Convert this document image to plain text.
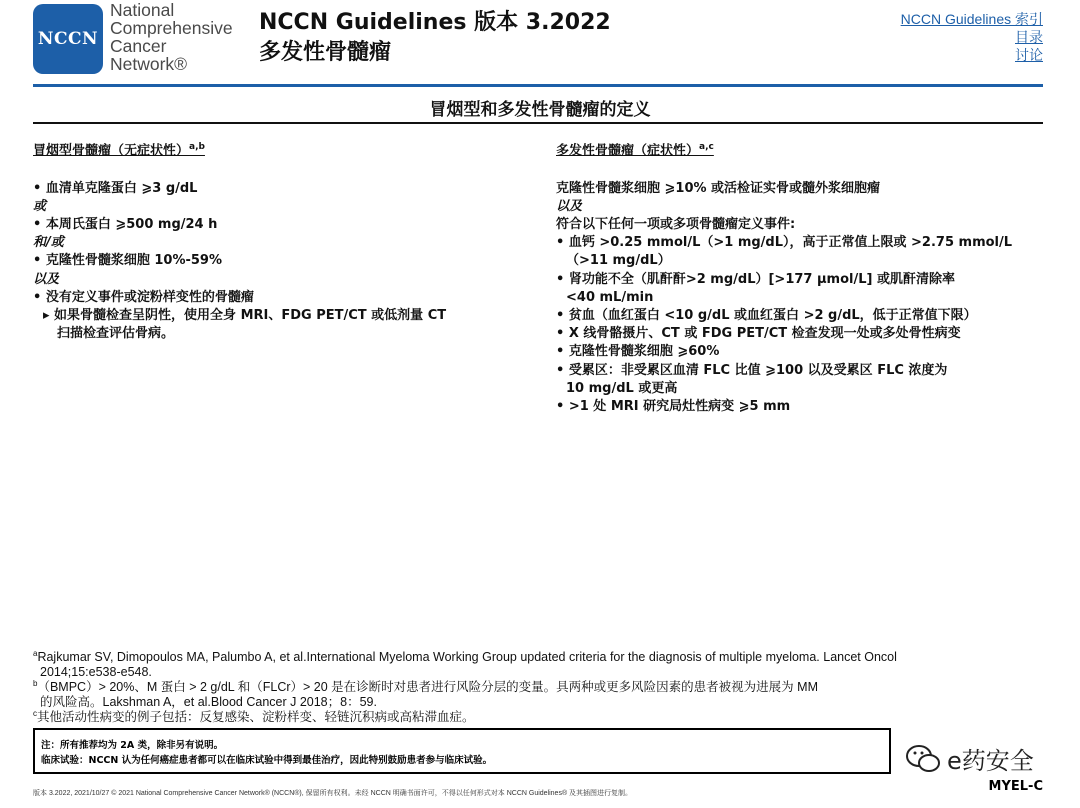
NCCN
National
Comprehensive
Cancer
Network®
NCCN Guidelines 版本 3.2022
多发性骨髓瘤
NCCN Guidelines 索引
目录
讨论
冒烟型和多发性骨髓瘤的定义
冒烟型骨髓瘤（无症状性）$^{a,b}$
• 血清单克隆蛋白 ⩾3 g/dL
或
• 本周氏蛋白 ⩾500 mg/24 h
和/或
• 克隆性骨髓浆细胞 10%-59%
以及
• 没有定义事件或淀粉样变性的骨髓瘤
▸ 如果骨髓检查呈阴性，使用全身 MRI、FDG PET/CT 或低剂量 CT
扫描检查评估骨病。
多发性骨髓瘤（症状性）$^{a,c}$
克隆性骨髓浆细胞 ⩾10% 或活检证实骨或髓外浆细胞瘤
以及
符合以下任何一项或多项骨髓瘤定义事件:
• 血钙 >0.25 mmol/L（>1 mg/dL），高于正常值上限或 >2.75 mmol/L
（>11 mg/dL）
• 肾功能不全（肌酐酐>2 mg/dL）[>177 µmol/L] 或肌酐清除率
<40 mL/min
• 贫血（血红蛋白 <10 g/dL 或血红蛋白 >2 g/dL，低于正常值下限）
• X 线骨骼摄片、CT 或 FDG PET/CT 检查发现一处或多处骨性病变
• 克隆性骨髓浆细胞 ⩾60%
• 受累区：非受累区血清 FLC 比值 ⩾100 以及受累区 FLC 浓度为
10 mg/dL 或更高
• >1 处 MRI 研究局灶性病变 ⩾5 mm
$^a$Rajkumar SV, Dimopoulos MA, Palumbo A, et al.International Myeloma Working Group updated criteria for the diagnosis of multiple myeloma. Lancet Oncol
2014;15:e538-e548.
$^b$（BMPC）> 20%、M 蛋白 > 2 g/dL 和（FLCr）> 20 是在诊断时对患者进行风险分层的变量。具两种或更多风险因素的患者被视为进展为 MM
的风险高。Lakshman A，et al.Blood Cancer J 2018；8：59.
$^c$其他活动性病变的例子包括：反复感染、淀粉样变、轻链沉积病或高粘滞血症。
注：所有推荐均为 2A 类，除非另有说明。
临床试验：NCCN 认为任何癌症患者都可以在临床试验中得到最佳治疗，因此特别鼓励患者参与临床试验。	e药安全
版本 3.2022, 2021/10/27 © 2021 National Comprehensive Cancer Network® (NCCN®), 保留所有权利。未经 NCCN 明确书面许可，不得以任何形式对本 NCCN Guidelines® 及其插图进行复制。	MYEL-C
